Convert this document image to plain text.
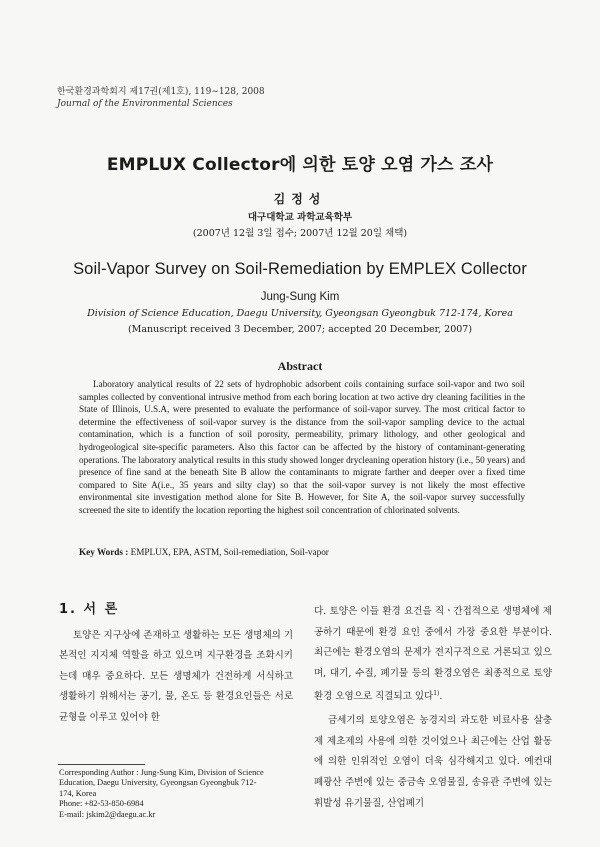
한국환경과학회지 제17권(제1호), 119∼128, 2008
Journal of the Environmental Sciences
EMPLUX Collector에 의한 토양 오염 가스 조사
김정성
대구대학교 과학교육학부
(2007년 12월 3일 접수; 2007년 12월 20일 채택)
Soil-Vapor Survey on Soil-Remediation by EMPLEX Collector
Jung-Sung Kim
Division of Science Education, Daegu University, Gyeongsan Gyeongbuk 712-174, Korea
(Manuscript received 3 December, 2007; accepted 20 December, 2007)
Abstract
Laboratory analytical results of 22 sets of hydrophobic adsorbent coils containing surface soil-vapor and two soil samples collected by conventional intrusive method from each boring location at two active dry cleaning facilities in the State of Illinois, U.S.A, were presented to evaluate the performance of soil-vapor survey. The most critical factor to determine the effectiveness of soil-vapor survey is the distance from the soil-vapor sampling device to the actual contamination, which is a function of soil porosity, permeability, primary lithology, and other geological and hydrogeological site-specific parameters. Also this factor can be affected by the history of contaminant-generating operations. The laboratory analytical results in this study showed longer drycleaning operation history (i.e., 50 years) and presence of fine sand at the beneath Site B allow the contaminants to migrate farther and deeper over a fixed time compared to Site A(i.e., 35 years and silty clay) so that the soil-vapor survey is not likely the most effective environmental site investigation method alone for Site B. However, for Site A, the soil-vapor survey successfully screened the site to identify the location reporting the highest soil concentration of chlorinated solvents.
Key Words : EMPLUX, EPA, ASTM, Soil-remediation, Soil-vapor
1. 서 론
토양은 지구상에 존재하고 생활하는 모든 생명체의 기본적인 지지체 역할을 하고 있으며 지구환경을 조화시키는데 매우 중요하다. 모든 생명체가 건전하게 서식하고 생활하기 위해서는 공기, 물, 온도 등 환경요인들은 서로 균형을 이루고 있어야 한

다. 토양은 이들 환경 요건을 직ㆍ간접적으로 생명체에 제공하기 때문에 환경 요인 중에서 가장 중요한 부분이다. 최근에는 환경오염의 문제가 전지구적으로 거론되고 있으며, 대기, 수질, 폐기물 등의 환경오염은 최종적으로 토양환경 오염으로 직결되고 있다$^{1)}$.

금세기의 토양오염은 농경지의 과도한 비료사용 살충제 제초제의 사용에 의한 것이었으나 최근에는 산업 활동에 의한 인위적인 오염이 더욱 심각해지고 있다. 예컨대 폐광산 주변에 있는 중금속 오염물질, 송유관 주변에 있는 휘발성 유기물질, 산업폐기

Corresponding Author : Jung-Sung Kim, Division of Science
Education, Daegu University, Gyeongsan Gyeongbuk 712-
174, Korea
Phone: +82-53-850-6984
E-mail: jskim2@daegu.ac.kr
